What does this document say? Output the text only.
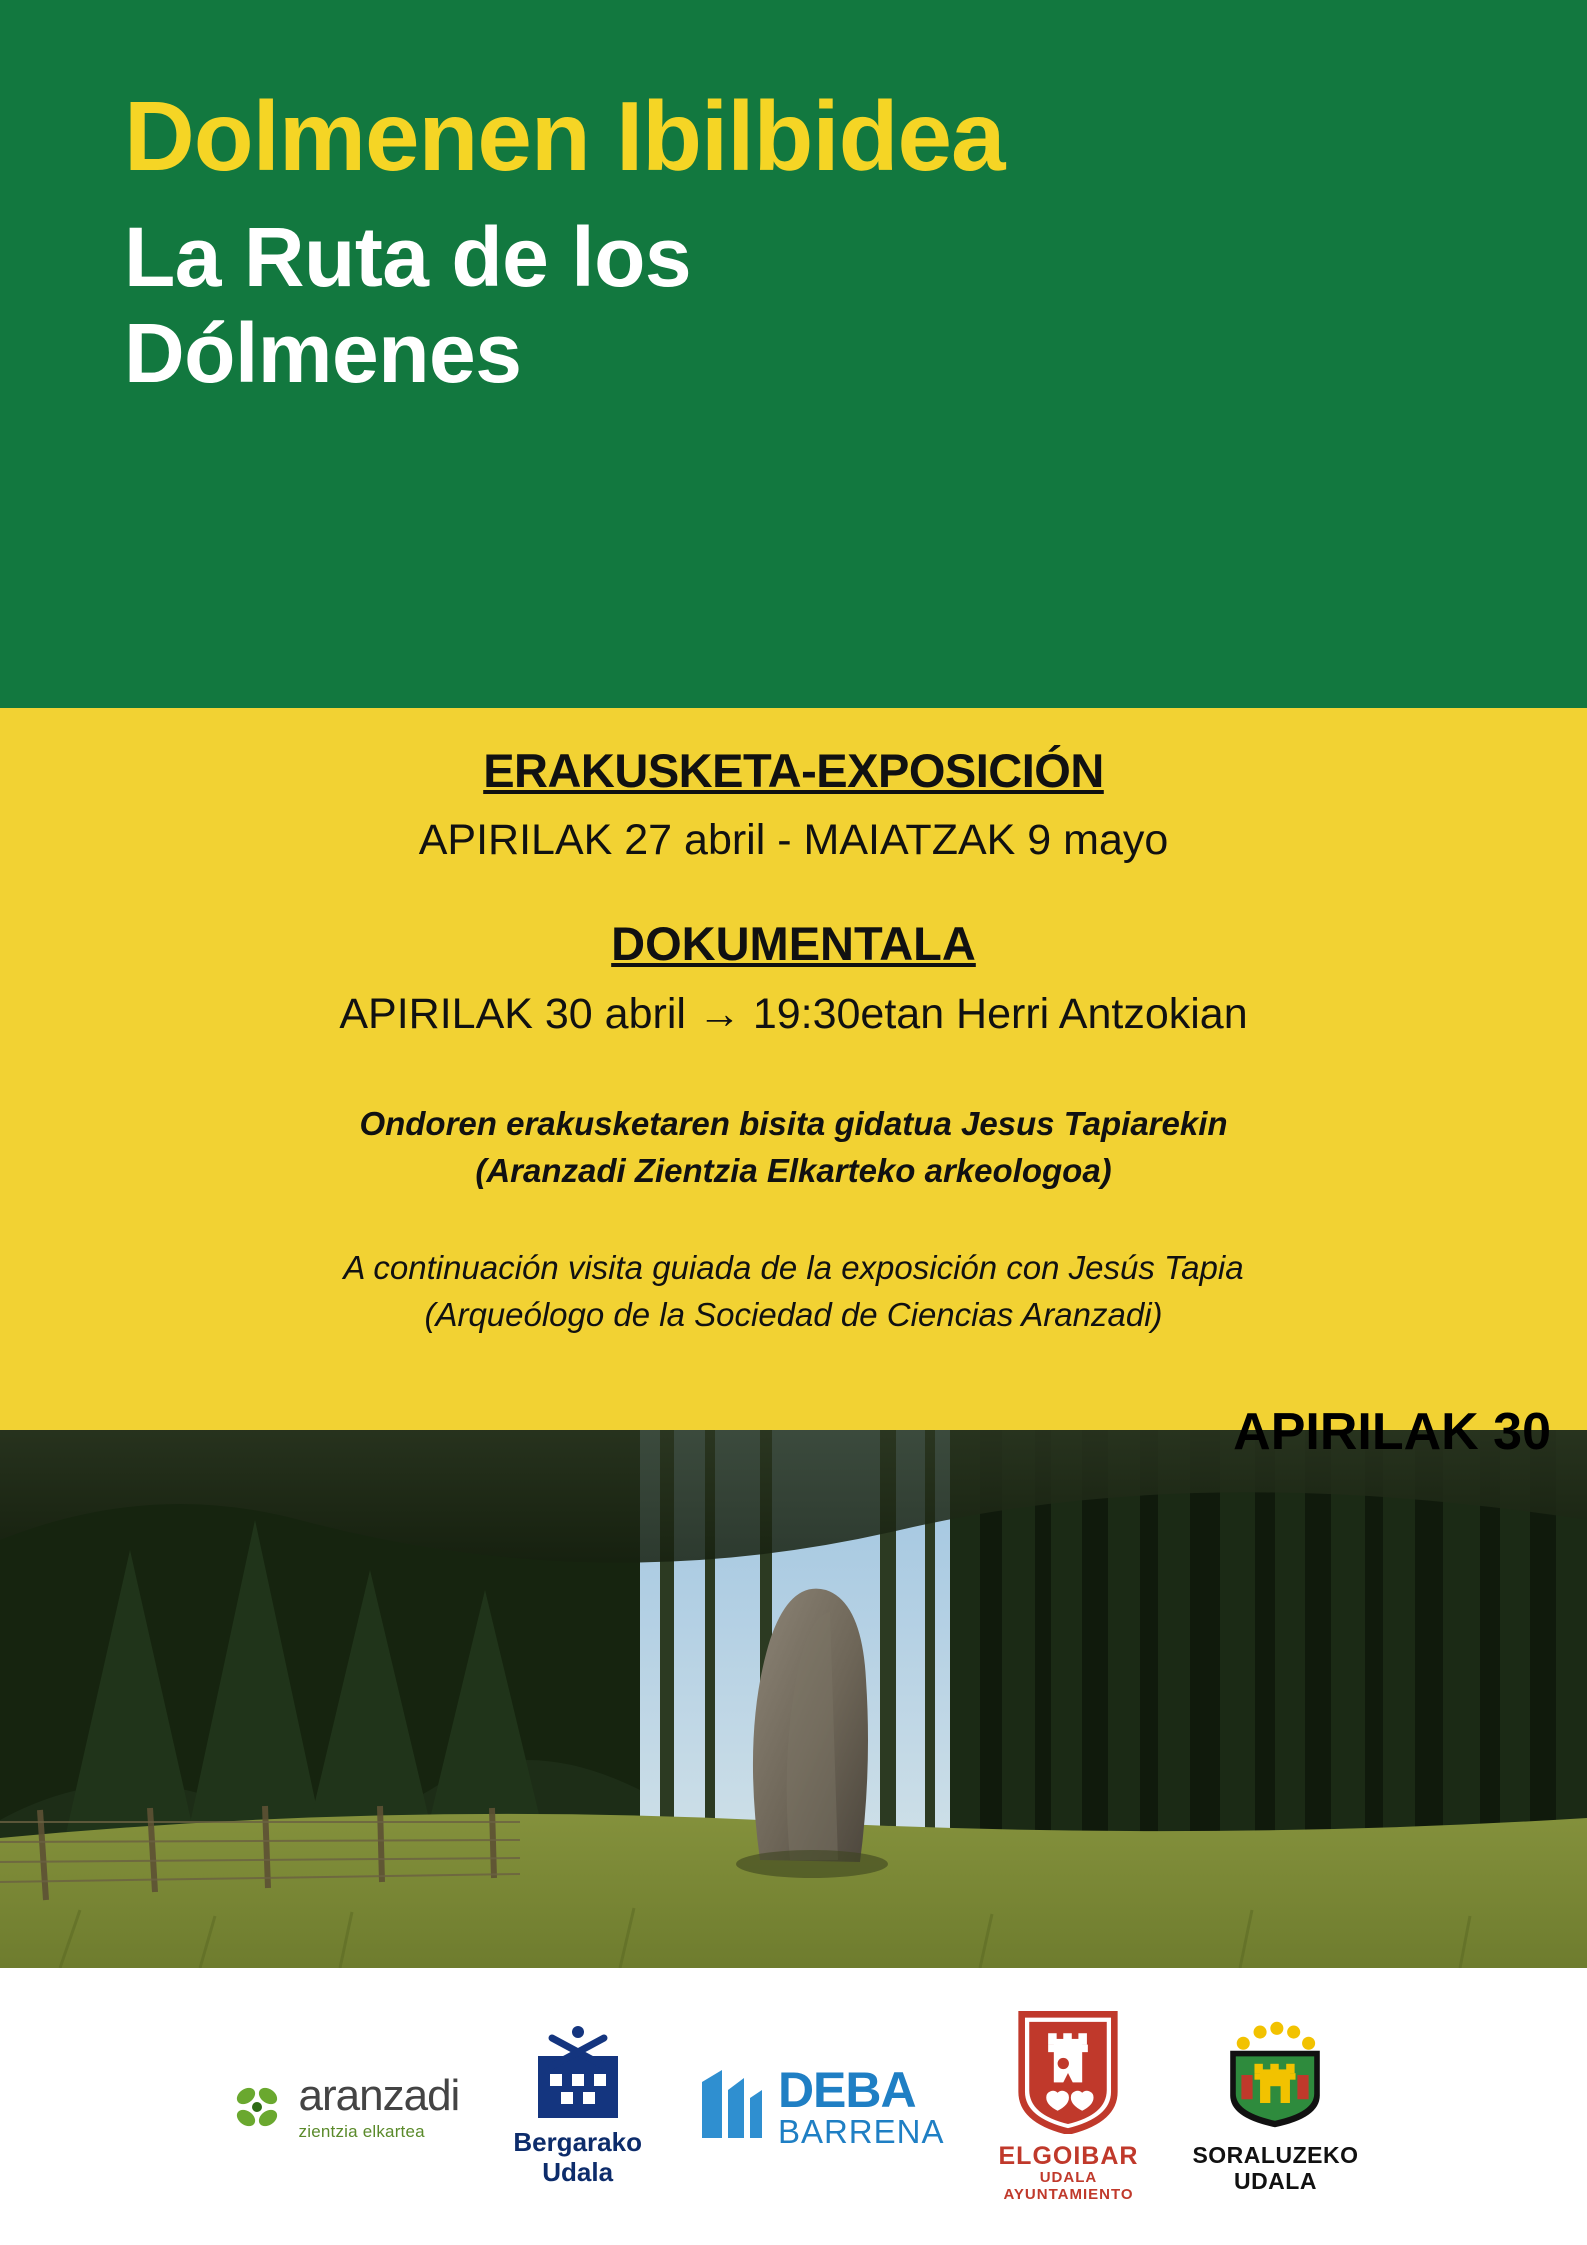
Dolmenen Ibilbidea
La Ruta de los Dólmenes

ERAKUSKETA-EXPOSICIÓN

APIRILAK 27 abril - MAIATZAK 9 mayo

DOKUMENTALA

APIRILAK 30 abril → 19:30etan Herri Antzokian

Ondoren erakusketaren bisita gidatua Jesus Tapiarekin
(Aranzadi Zientzia Elkarteko arkeologoa)

A continuación visita guiada de la exposición con Jesús Tapia
(Arqueólogo de la Sociedad de Ciencias Aranzadi)

APIRILAK 30
aranzadi
zientzia elkartea	Bergarako
Udala
DEBA
BARRENA
ELGOIBAR
UDALA
AYUNTAMIENTO
SORALUZEKO
UDALA
